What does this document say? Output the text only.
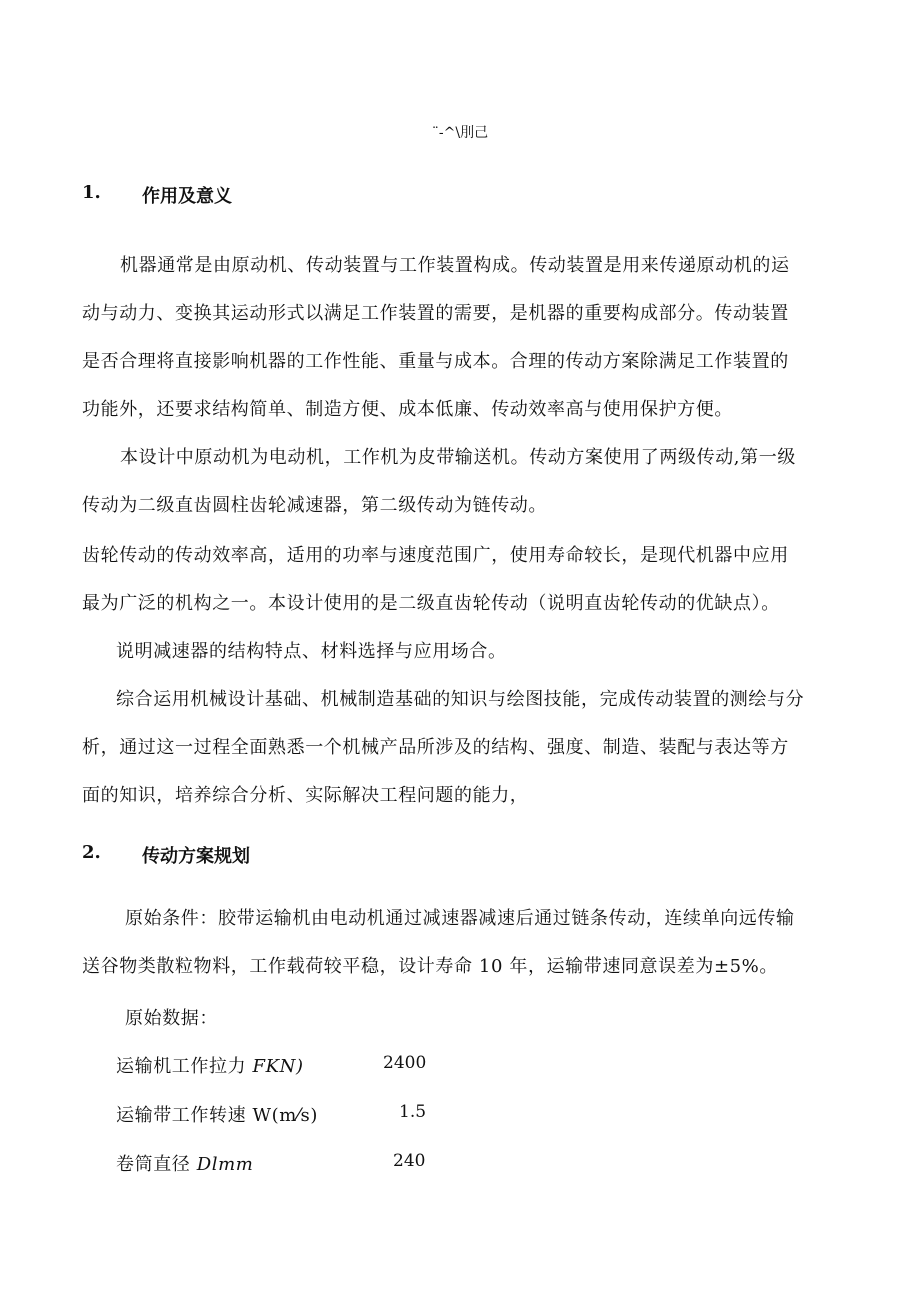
¨-^\刖己
1. 作用及意义
机器通常是由原动机、传动装置与工作装置构成。传动装置是用来传递原动机的运
动与动力、变换其运动形式以满足工作装置的需要，是机器的重要构成部分。传动装置
是否合理将直接影响机器的工作性能、重量与成本。合理的传动方案除满足工作装置的
功能外，还要求结构简单、制造方便、成本低廉、传动效率高与使用保护方便。
本设计中原动机为电动机，工作机为皮带输送机。传动方案使用了两级传动,第一级
传动为二级直齿圆柱齿轮减速器，第二级传动为链传动。
齿轮传动的传动效率高，适用的功率与速度范围广，使用寿命较长，是现代机器中应用
最为广泛的机构之一。本设计使用的是二级直齿轮传动（说明直齿轮传动的优缺点）。
说明减速器的结构特点、材料选择与应用场合。
综合运用机械设计基础、机械制造基础的知识与绘图技能，完成传动装置的测绘与分
析，通过这一过程全面熟悉一个机械产品所涉及的结构、强度、制造、装配与表达等方
面的知识，培养综合分析、实际解决工程问题的能力，
2. 传动方案规划
原始条件：胶带运输机由电动机通过减速器减速后通过链条传动，连续单向远传输
送谷物类散粒物料，工作载荷较平稳，设计寿命 10 年，运输带速同意误差为±5%。
原始数据：
运输机工作拉力 FKN)	2400
运输带工作转速 W(m⁄s)	1.5
卷筒直径 Dlmm	240
